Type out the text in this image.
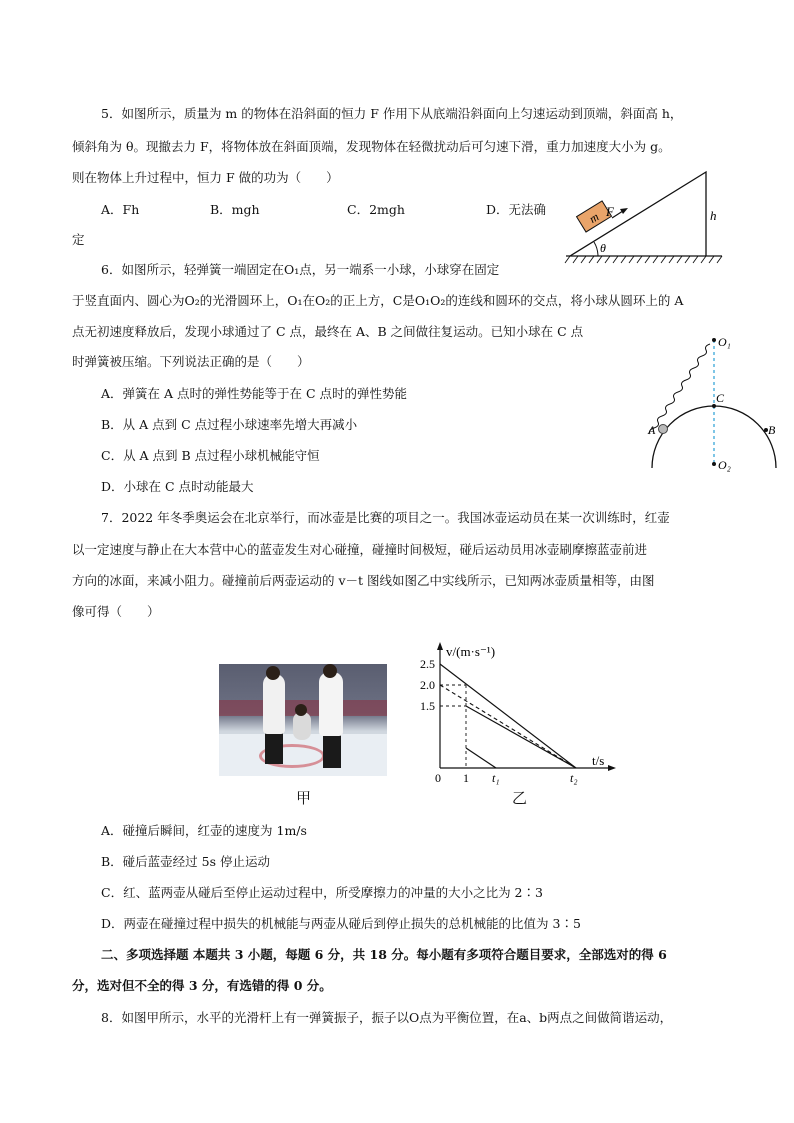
5．如图所示，质量为 m 的物体在沿斜面的恒力 F 作用下从底端沿斜面向上匀速运动到顶端，斜面高 h，
倾斜角为 θ。现撤去力 F，将物体放在斜面顶端，发现物体在轻微扰动后可匀速下滑，重力加速度大小为 g。
则在物体上升过程中，恒力 F 做的功为（　　）
A．Fh	B．mgh	C．2mgh	D．无法确
定
m F
θ
h
6．如图所示，轻弹簧一端固定在O₁点，另一端系一小球，小球穿在固定
于竖直面内、圆心为O₂的光滑圆环上，O₁在O₂的正上方，C是O₁O₂的连线和圆环的交点，将小球从圆环上的 A
点无初速度释放后，发现小球通过了 C 点，最终在 A、B 之间做往复运动。已知小球在 C 点
时弹簧被压缩。下列说法正确的是（　　）
A．弹簧在 A 点时的弹性势能等于在 C 点时的弹性势能
B．从 A 点到 C 点过程小球速率先增大再减小
C．从 A 点到 B 点过程小球机械能守恒
D．小球在 C 点时动能最大
O₁
C
A	B
O₂
7．2022 年冬季奥运会在北京举行，而冰壶是比赛的项目之一。我国冰壶运动员在某一次训练时，红壶
以一定速度与静止在大本营中心的蓝壶发生对心碰撞，碰撞时间极短，碰后运动员用冰壶刷摩擦蓝壶前进
方向的冰面，来减小阻力。碰撞前后两壶运动的 v－t 图线如图乙中实线所示，已知两冰壶质量相等，由图
像可得（　　）
甲
v/(m·s⁻¹)
t/s
2.5
2.0
1.5
0 1 t₁	t₂
乙
A．碰撞后瞬间，红壶的速度为 1m/s
B．碰后蓝壶经过 5s 停止运动
C．红、蓝两壶从碰后至停止运动过程中，所受摩擦力的冲量的大小之比为 2∶3
D．两壶在碰撞过程中损失的机械能与两壶从碰后到停止损失的总机械能的比值为 3∶5
二、多项选择题 本题共 3 小题，每题 6 分，共 18 分。每小题有多项符合题目要求，全部选对的得 6
分，选对但不全的得 3 分，有选错的得 0 分。
8．如图甲所示，水平的光滑杆上有一弹簧振子，振子以O点为平衡位置，在a、b两点之间做简谐运动，
